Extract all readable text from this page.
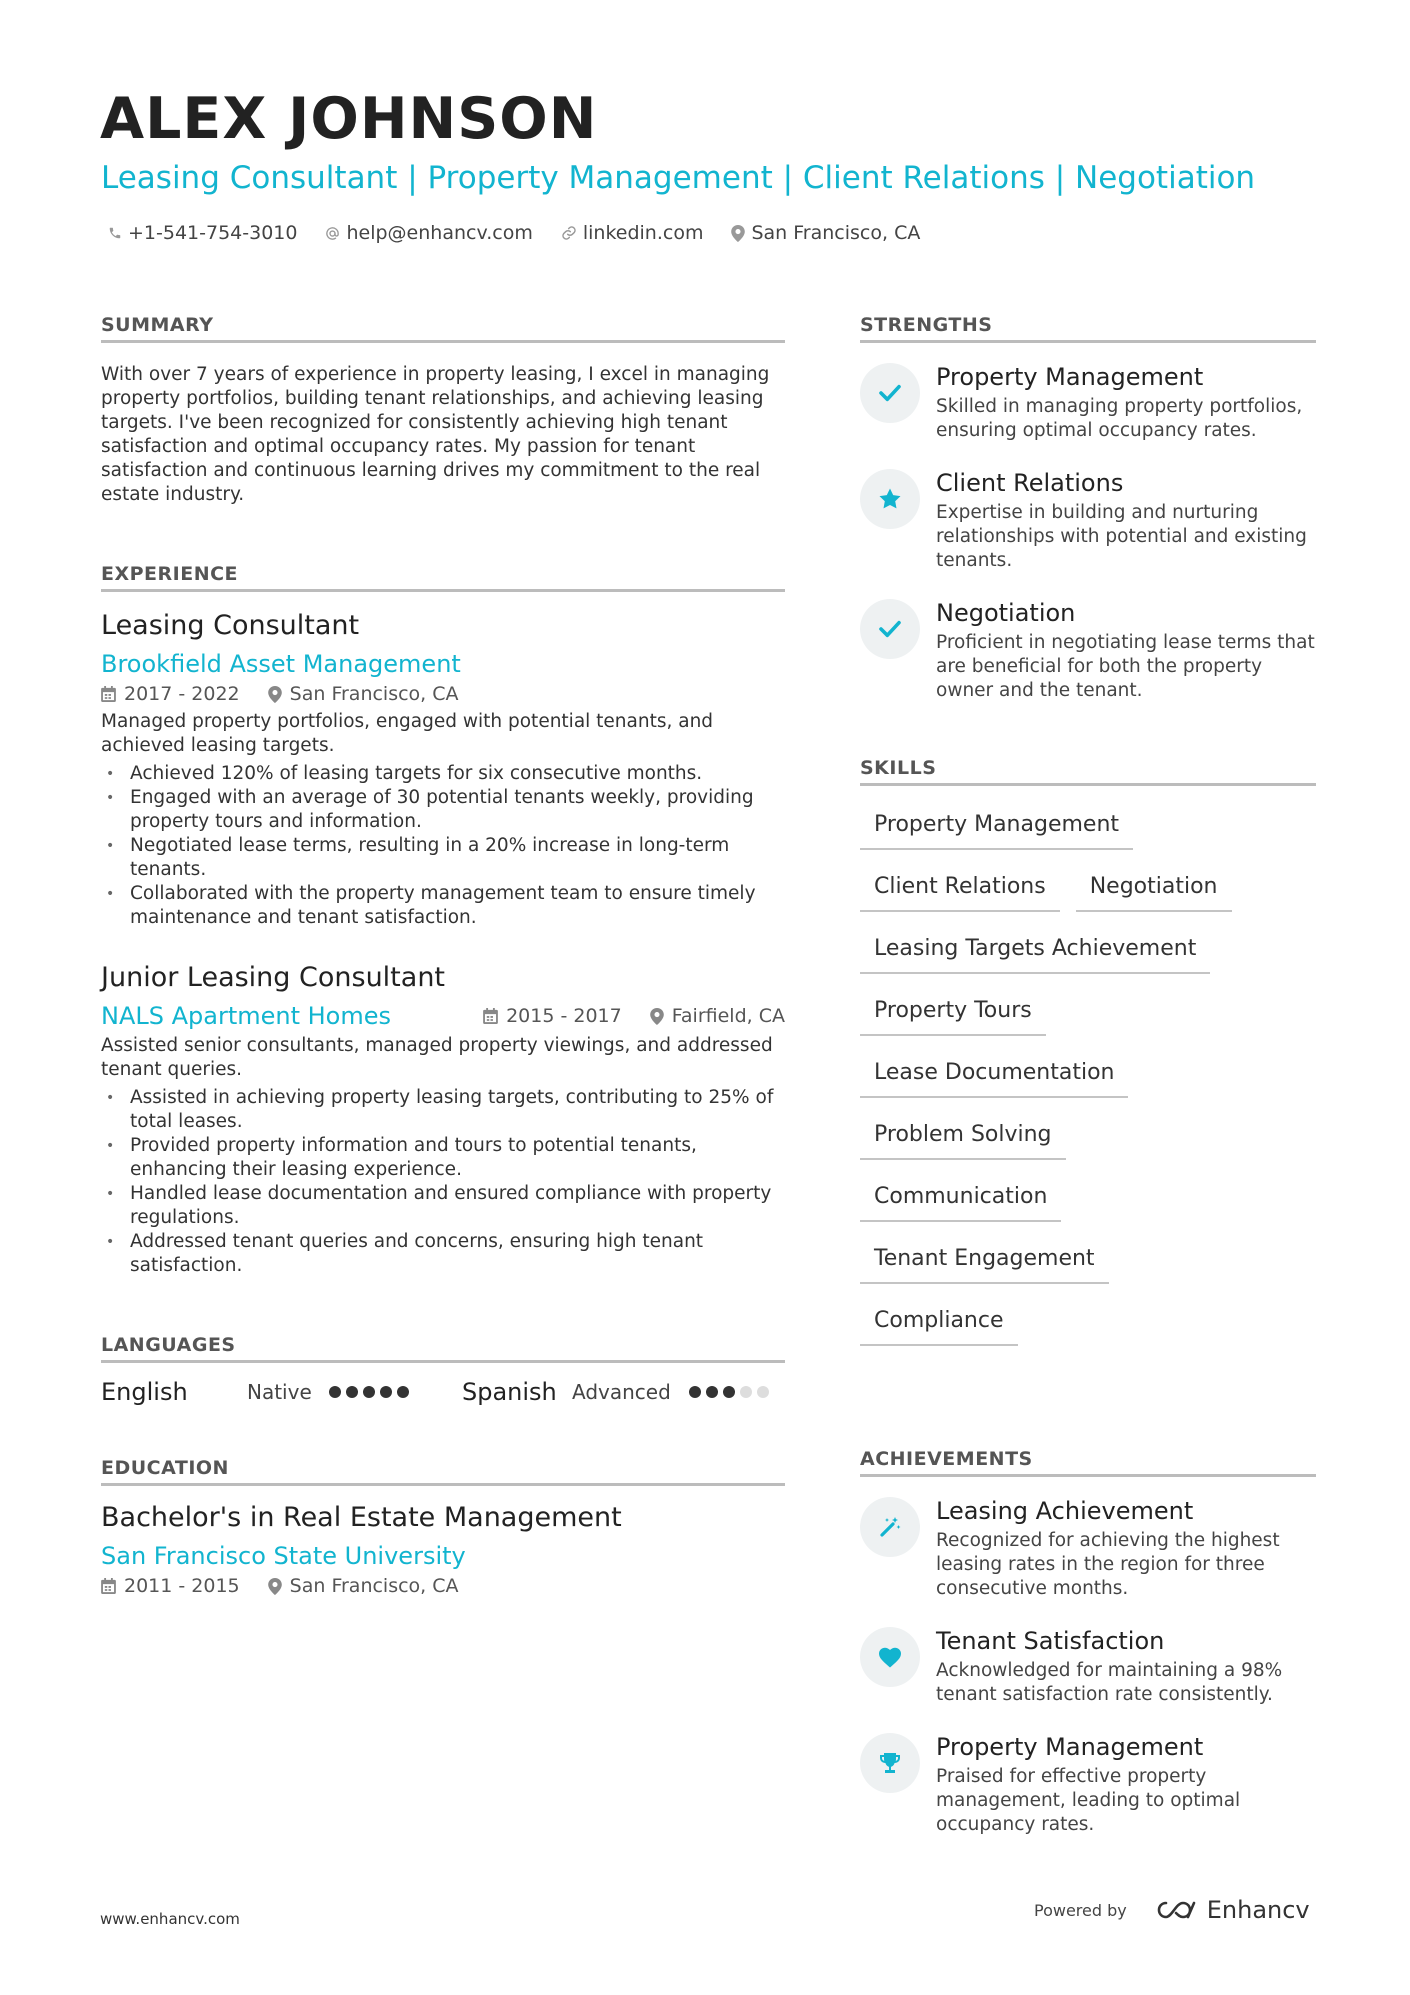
ALEX JOHNSON
Leasing Consultant | Property Management | Client Relations | Negotiation
+1-541-754-3010	help@enhancv.com	linkedin.com	San Francisco, CA
SUMMARY

With over 7 years of experience in property leasing, I excel in managing property portfolios, building tenant relationships, and achieving leasing targets. I've been recognized for consistently achieving high tenant satisfaction and optimal occupancy rates. My passion for tenant satisfaction and continuous learning drives my commitment to the real estate industry.

EXPERIENCE
Leasing Consultant
Brookfield Asset Management
2017 - 2022	San Francisco, CA

Managed property portfolios, engaged with potential tenants, and achieved leasing targets.

• Achieved 120% of leasing targets for six consecutive months.
• Engaged with an average of 30 potential tenants weekly, providing property tours and information.
• Negotiated lease terms, resulting in a 20% increase in long-term tenants.
• Collaborated with the property management team to ensure timely maintenance and tenant satisfaction.
Junior Leasing Consultant
NALS Apartment Homes	2015 - 2017	Fairfield, CA

Assisted senior consultants, managed property viewings, and addressed tenant queries.

• Assisted in achieving property leasing targets, contributing to 25% of total leases.
• Provided property information and tours to potential tenants, enhancing their leasing experience.
• Handled lease documentation and ensured compliance with property regulations.
• Addressed tenant queries and concerns, ensuring high tenant satisfaction.
LANGUAGES
English	Native	Spanish Advanced
EDUCATION
Bachelor's in Real Estate Management
San Francisco State University
2011 - 2015	San Francisco, CA
STRENGTHS
Property Management

Skilled in managing property portfolios, ensuring optimal occupancy rates.

Client Relations

Expertise in building and nurturing relationships with potential and existing tenants.

Negotiation

Proficient in negotiating lease terms that are beneficial for both the property owner and the tenant.

SKILLS
Property Management
Client Relations	Negotiation
Leasing Targets Achievement
Property Tours
Lease Documentation
Problem Solving
Communication
Tenant Engagement
Compliance
ACHIEVEMENTS
Leasing Achievement

Recognized for achieving the highest leasing rates in the region for three consecutive months.

Tenant Satisfaction

Acknowledged for maintaining a 98% tenant satisfaction rate consistently.

Property Management

Praised for effective property management, leading to optimal occupancy rates.

www.enhancv.com	Powered by	Enhancv
